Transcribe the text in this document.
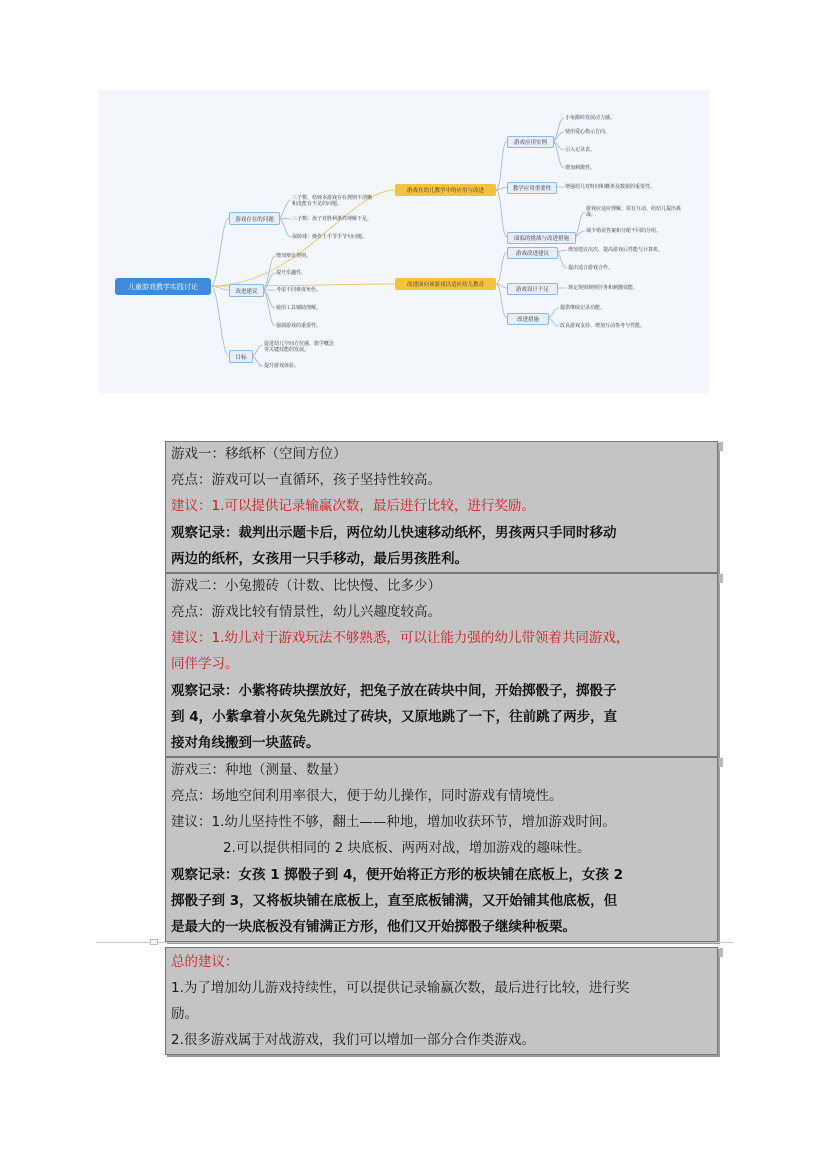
儿童游戏教学实践讨论
游戏存在的问题
三子棋、幼师本游戏存在规则不清晰和没能有不足的问题。
三子棋：孩子对胜利条件理解不足。
保龄球：操作上手节手节句问题。
改进建议
增加辩论规则。
提升乐趣性。
考虑不同难度角色。
使用工具辅助理解。
强调游戏的重要性。
目标
促进幼儿空间方位感、数学概念等关键技能的发展。
提升游戏体验。
游戏在幼儿教学中的应用与改进
改进面向该游戏以适应幼儿教育
游戏应用实例
小兔搬砖发展动力感。
使用爱心指示方向。
引入记录表。
增加刺激性。
教学应用重要性	增强幼儿对时间和概率及数据的重要性。
面临的挑战与改进措施
游戏应适应理解、需有互动、给幼儿提出挑战。
减少错误答案和分配不同的分组。
游戏改进建议
增加建议次次，提高游戏后性能与计算机。
提出适合游戏合作。
游戏设计不足	规定规则规则任务和刺激效能。
改进措施
提供继续记录功能。
改良游戏支持、增加互动参考与性能。
游戏一：移纸杯（空间方位）
亮点：游戏可以一直循环，孩子坚持性较高。
建议：1.可以提供记录输赢次数，最后进行比较，进行奖励。
观察记录：裁判出示题卡后，两位幼儿快速移动纸杯，男孩两只手同时移动
两边的纸杯，女孩用一只手移动，最后男孩胜利。
游戏二：小兔搬砖（计数、比快慢、比多少）
亮点：游戏比较有情景性，幼儿兴趣度较高。
建议：1.幼儿对于游戏玩法不够熟悉，可以让能力强的幼儿带领着共同游戏，
同伴学习。
观察记录：小紫将砖块摆放好，把兔子放在砖块中间，开始掷骰子，掷骰子
到 4，小紫拿着小灰兔先跳过了砖块，又原地跳了一下，往前跳了两步，直
接对角线搬到一块蓝砖。
游戏三：种地（测量、数量）
亮点：场地空间利用率很大，便于幼儿操作，同时游戏有情境性。
建议：1.幼儿坚持性不够，翻土——种地，增加收获环节，增加游戏时间。
2.可以提供相同的 2 块底板、两两对战，增加游戏的趣味性。
观察记录：女孩 1 掷骰子到 4，便开始将正方形的板块铺在底板上，女孩 2
掷骰子到 3，又将板块铺在底板上，直至底板铺满，又开始铺其他底板，但
是最大的一块底板没有铺满正方形，他们又开始掷骰子继续种板栗。
总的建议：
1.为了增加幼儿游戏持续性，可以提供记录输赢次数，最后进行比较，进行奖
励。
2.很多游戏属于对战游戏，我们可以增加一部分合作类游戏。
